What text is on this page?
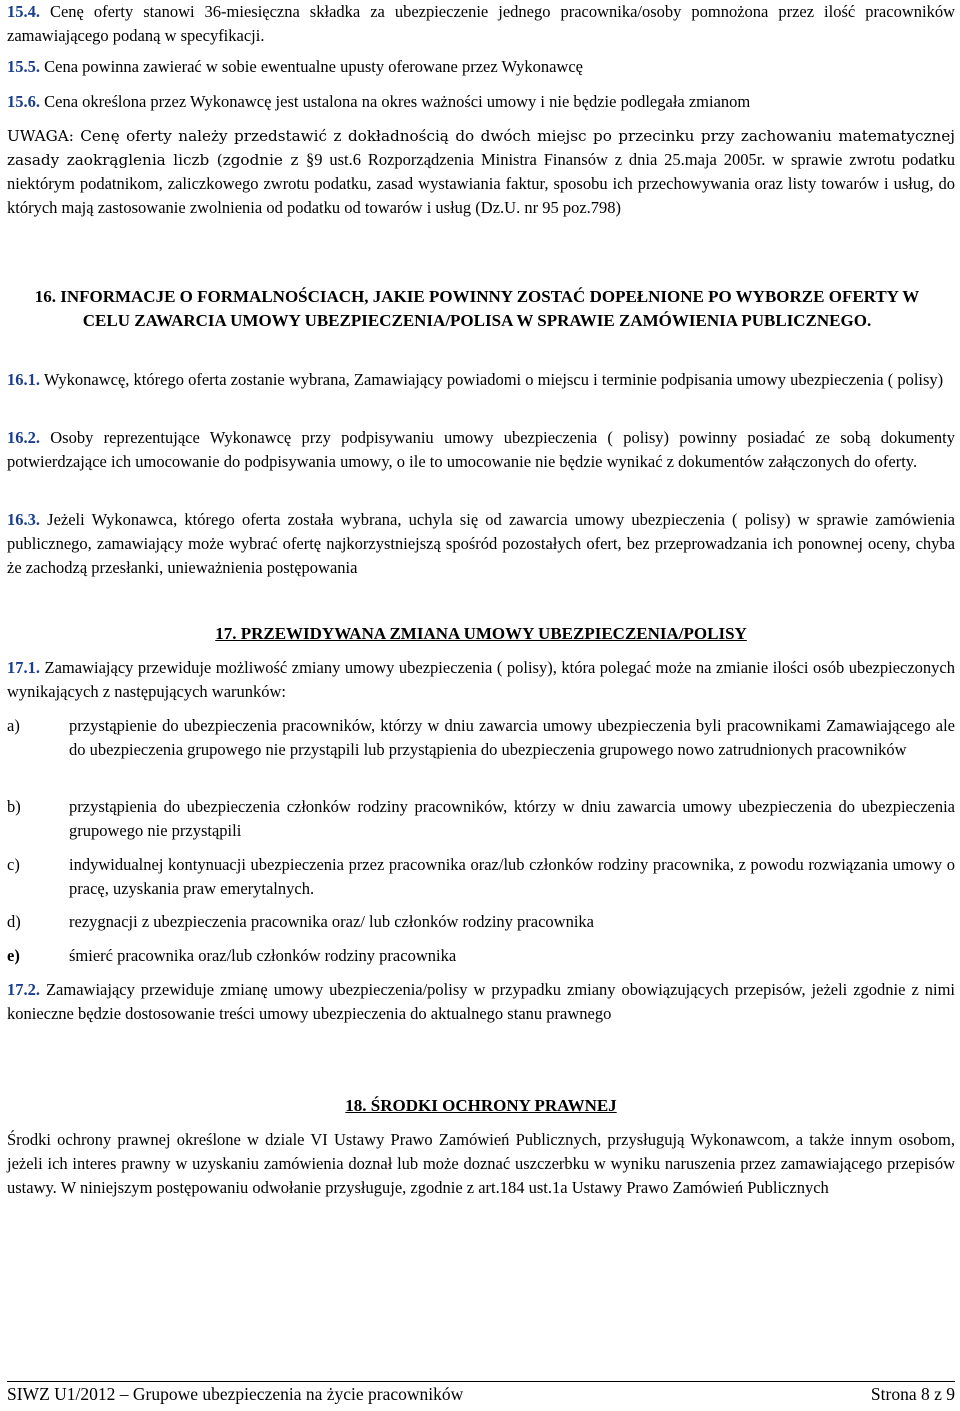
15.4. Cenę oferty stanowi 36-miesięczna składka za ubezpieczenie jednego pracownika/osoby pomnożona przez ilość pracowników zamawiającego podaną w specyfikacji.

15.5. Cena powinna zawierać w sobie ewentualne upusty oferowane przez Wykonawcę

15.6. Cena określona przez Wykonawcę jest ustalona na okres ważności umowy i nie będzie podlegała zmianom

UWAGA: Cenę oferty należy przedstawić z dokładnością do dwóch miejsc po przecinku przy zachowaniu matematycznej zasady zaokrąglenia liczb (zgodnie z §9 ust.6 Rozporządzenia Ministra Finansów z dnia 25.maja 2005r. w sprawie zwrotu podatku niektórym podatnikom, zaliczkowego zwrotu podatku, zasad wystawiania faktur, sposobu ich przechowywania oraz listy towarów i usług, do których mają zastosowanie zwolnienia od podatku od towarów i usług (Dz.U. nr 95 poz.798)

16. INFORMACJE O FORMALNOŚCIACH, JAKIE POWINNY ZOSTAĆ DOPEŁNIONE PO WYBORZE OFERTY W CELU ZAWARCIA UMOWY UBEZPIECZENIA/POLISA W SPRAWIE ZAMÓWIENIA PUBLICZNEGO.

16.1. Wykonawcę, którego oferta zostanie wybrana, Zamawiający powiadomi o miejscu i terminie podpisania umowy ubezpieczenia ( polisy)

16.2. Osoby reprezentujące Wykonawcę przy podpisywaniu umowy ubezpieczenia ( polisy) powinny posiadać ze sobą dokumenty potwierdzające ich umocowanie do podpisywania umowy, o ile to umocowanie nie będzie wynikać z dokumentów załączonych do oferty.

16.3. Jeżeli Wykonawca, którego oferta została wybrana, uchyla się od zawarcia umowy ubezpieczenia ( polisy) w sprawie zamówienia publicznego, zamawiający może wybrać ofertę najkorzystniejszą spośród pozostałych ofert, bez przeprowadzania ich ponownej oceny, chyba że zachodzą przesłanki, unieważnienia postępowania

17. PRZEWIDYWANA ZMIANA UMOWY UBEZPIECZENIA/POLISY

17.1. Zamawiający przewiduje możliwość zmiany umowy ubezpieczenia ( polisy), która polegać może na zmianie ilości osób ubezpieczonych wynikających z następujących warunków:

a)	przystąpienie do ubezpieczenia pracowników, którzy w dniu zawarcia umowy ubezpieczenia byli pracownikami Zamawiającego ale do ubezpieczenia grupowego nie przystąpili lub przystąpienia do ubezpieczenia grupowego nowo zatrudnionych pracowników

b)	przystąpienia do ubezpieczenia członków rodziny pracowników, którzy w dniu zawarcia umowy ubezpieczenia do ubezpieczenia grupowego nie przystąpili

c)	indywidualnej kontynuacji ubezpieczenia przez pracownika oraz/lub członków rodziny pracownika, z powodu rozwiązania umowy o pracę, uzyskania praw emerytalnych.

d)	rezygnacji z ubezpieczenia pracownika oraz/ lub członków rodziny pracownika

e)	śmierć pracownika oraz/lub członków rodziny pracownika

17.2. Zamawiający przewiduje zmianę umowy ubezpieczenia/polisy w przypadku zmiany obowiązujących przepisów, jeżeli zgodnie z nimi konieczne będzie dostosowanie treści umowy ubezpieczenia do aktualnego stanu prawnego

18. ŚRODKI OCHRONY PRAWNEJ

Środki ochrony prawnej określone w dziale VI Ustawy Prawo Zamówień Publicznych, przysługują Wykonawcom, a także innym osobom, jeżeli ich interes prawny w uzyskaniu zamówienia doznał lub może doznać uszczerbku w wyniku naruszenia przez zamawiającego przepisów ustawy. W niniejszym postępowaniu odwołanie przysługuje, zgodnie z art.184 ust.1a Ustawy Prawo Zamówień Publicznych

SIWZ U1/2012 – Grupowe ubezpieczenia na życie pracowników	Strona 8 z 9
